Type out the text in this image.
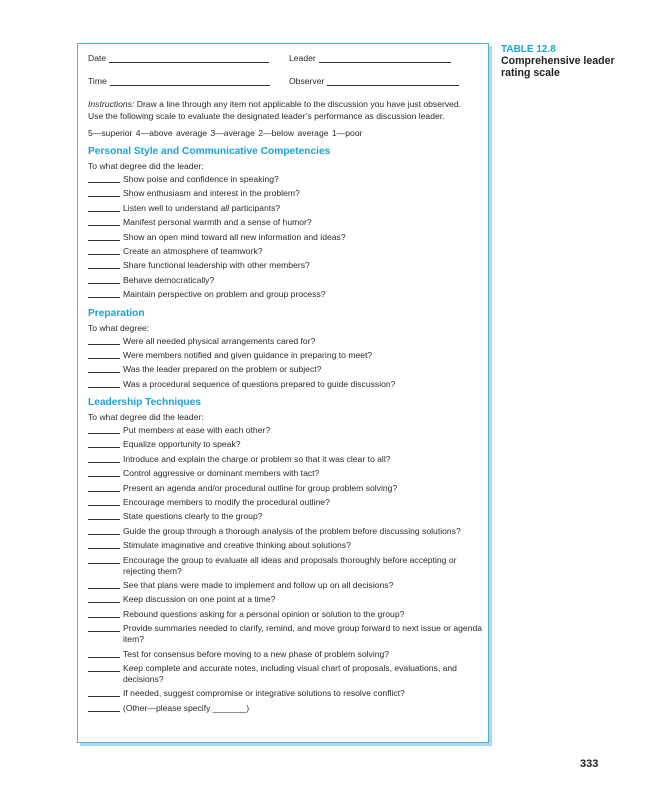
Date	Leader
Time	Observer
Instructions: Draw a line through any item not applicable to the discussion you have just observed. Use the following scale to evaluate the designated leader’s performance as discussion leader.
5—superior 4—above average 3—average 2—below average 1—poor
Personal Style and Communicative Competencies
To what degree did the leader:
Show poise and confidence in speaking?
Show enthusiasm and interest in the problem?
Listen well to understand all participants?
Manifest personal warmth and a sense of humor?
Show an open mind toward all new information and ideas?
Create an atmosphere of teamwork?
Share functional leadership with other members?
Behave democratically?
Maintain perspective on problem and group process?
Preparation
To what degree:
Were all needed physical arrangements cared for?
Were members notified and given guidance in preparing to meet?
Was the leader prepared on the problem or subject?
Was a procedural sequence of questions prepared to guide discussion?
Leadership Techniques
To what degree did the leader:
Put members at ease with each other?
Equalize opportunity to speak?
Introduce and explain the charge or problem so that it was clear to all?
Control aggressive or dominant members with tact?
Present an agenda and/or procedural outline for group problem solving?
Encourage members to modify the procedural outline?
State questions clearly to the group?
Guide the group through a thorough analysis of the problem before discussing solutions?
Stimulate imaginative and creative thinking about solutions?
Encourage the group to evaluate all ideas and proposals thoroughly before accepting or rejecting them?
See that plans were made to implement and follow up on all decisions?
Keep discussion on one point at a time?
Rebound questions asking for a personal opinion or solution to the group?
Provide summaries needed to clarify, remind, and move group forward to next issue or agenda item?
Test for consensus before moving to a new phase of problem solving?
Keep complete and accurate notes, including visual chart of proposals, evaluations, and decisions?
If needed, suggest compromise or integrative solutions to resolve conflict?
(Other—please specify _______)
TABLE 12.8
Comprehensive leader rating scale
333
